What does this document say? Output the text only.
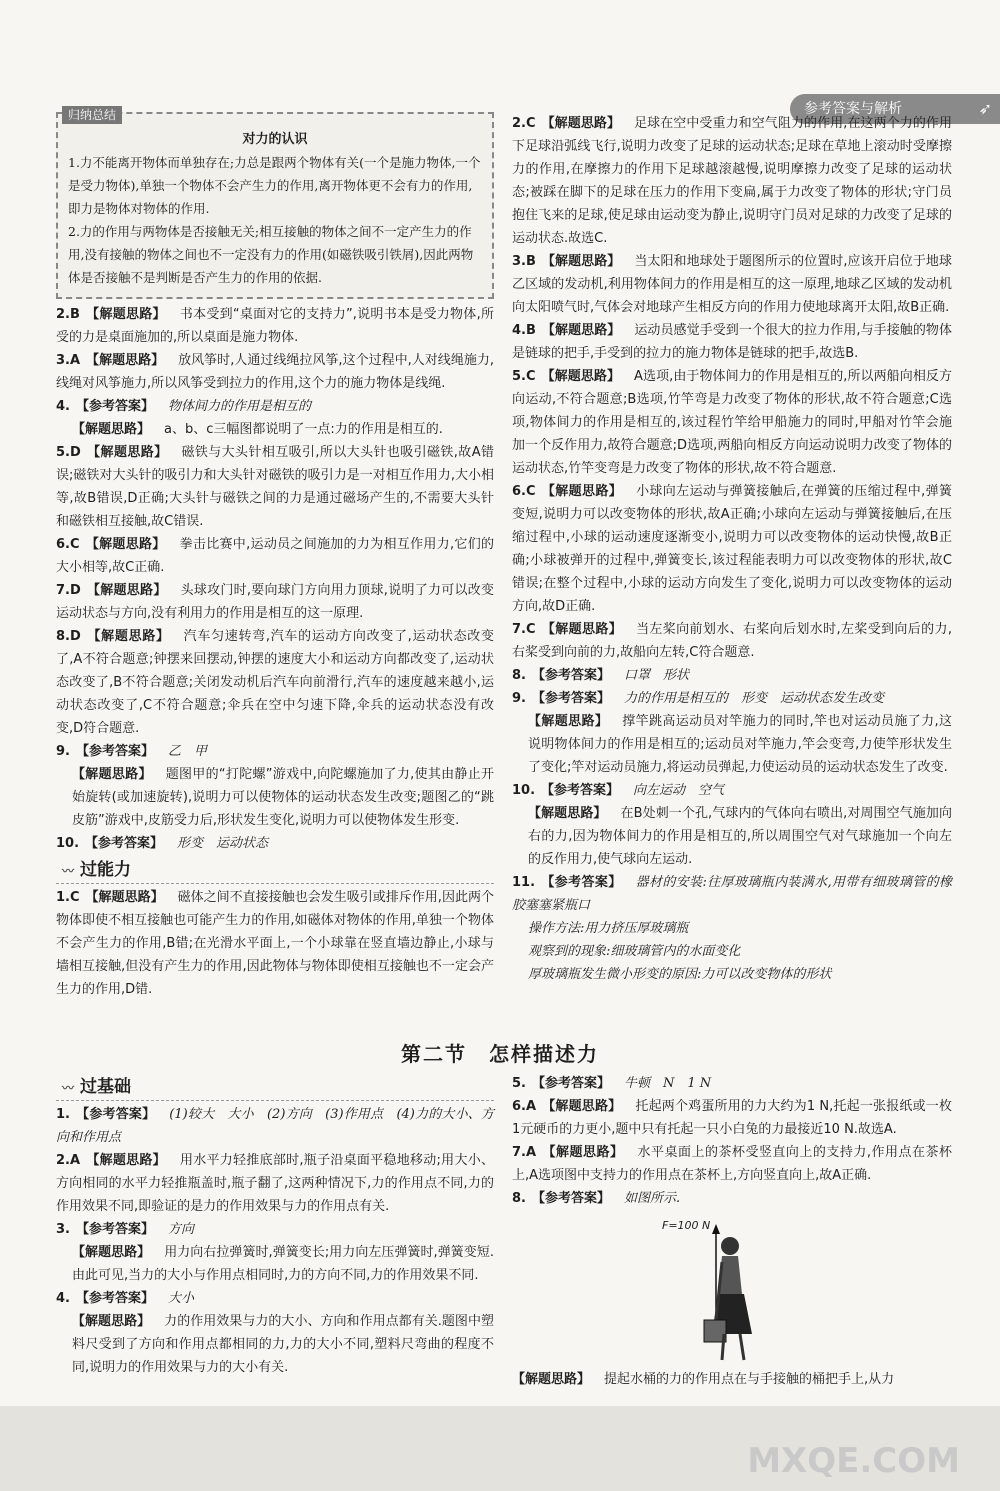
参考答案与解析	➶
归纳总结
对力的认识

1.力不能离开物体而单独存在;力总是跟两个物体有关(一个是施力物体,一个是受力物体),单独一个物体不会产生力的作用,离开物体更不会有力的作用,即力是物体对物体的作用.

2.力的作用与两物体是否接触无关;相互接触的物体之间不一定产生力的作用,没有接触的物体之间也不一定没有力的作用(如磁铁吸引铁屑),因此两物体是否接触不是判断是否产生力的作用的依据.

2.B 【解题思路】 书本受到“桌面对它的支持力”,说明书本是受力物体,所受的力是桌面施加的,所以桌面是施力物体.

3.A 【解题思路】 放风筝时,人通过线绳拉风筝,这个过程中,人对线绳施力,线绳对风筝施力,所以风筝受到拉力的作用,这个力的施力物体是线绳.

4. 【参考答案】 物体间力的作用是相互的

【解题思路】 a、b、c三幅图都说明了一点:力的作用是相互的.

5.D 【解题思路】 磁铁与大头针相互吸引,所以大头针也吸引磁铁,故A错误;磁铁对大头针的吸引力和大头针对磁铁的吸引力是一对相互作用力,大小相等,故B错误,D正确;大头针与磁铁之间的力是通过磁场产生的,不需要大头针和磁铁相互接触,故C错误.

6.C 【解题思路】 拳击比赛中,运动员之间施加的力为相互作用力,它们的大小相等,故C正确.

7.D 【解题思路】 头球攻门时,要向球门方向用力顶球,说明了力可以改变运动状态与方向,没有利用力的作用是相互的这一原理.

8.D 【解题思路】 汽车匀速转弯,汽车的运动方向改变了,运动状态改变了,A不符合题意;钟摆来回摆动,钟摆的速度大小和运动方向都改变了,运动状态改变了,B不符合题意;关闭发动机后汽车向前滑行,汽车的速度越来越小,运动状态改变了,C不符合题意;伞兵在空中匀速下降,伞兵的运动状态没有改变,D符合题意.

9. 【参考答案】 乙　甲

【解题思路】 题图甲的“打陀螺”游戏中,向陀螺施加了力,使其由静止开始旋转(或加速旋转),说明力可以使物体的运动状态发生改变;题图乙的“跳皮筋”游戏中,皮筋受力后,形状发生变化,说明力可以使物体发生形变.

10. 【参考答案】 形变　运动状态

〰 过能力

1.C 【解题思路】 磁体之间不直接接触也会发生吸引或排斥作用,因此两个物体即使不相互接触也可能产生力的作用,如磁体对物体的作用,单独一个物体不会产生力的作用,B错;在光滑水平面上,一个小球靠在竖直墙边静止,小球与墙相互接触,但没有产生力的作用,因此物体与物体即使相互接触也不一定会产生力的作用,D错.

2.C 【解题思路】 足球在空中受重力和空气阻力的作用,在这两个力的作用下足球沿弧线飞行,说明力改变了足球的运动状态;足球在草地上滚动时受摩擦力的作用,在摩擦力的作用下足球越滚越慢,说明摩擦力改变了足球的运动状态;被踩在脚下的足球在压力的作用下变扁,属于力改变了物体的形状;守门员抱住飞来的足球,使足球由运动变为静止,说明守门员对足球的力改变了足球的运动状态.故选C.

3.B 【解题思路】 当太阳和地球处于题图所示的位置时,应该开启位于地球乙区域的发动机,利用物体间力的作用是相互的这一原理,地球乙区域的发动机向太阳喷气时,气体会对地球产生相反方向的作用力使地球离开太阳,故B正确.

4.B 【解题思路】 运动员感觉手受到一个很大的拉力作用,与手接触的物体是链球的把手,手受到的拉力的施力物体是链球的把手,故选B.

5.C 【解题思路】 A选项,由于物体间力的作用是相互的,所以两船向相反方向运动,不符合题意;B选项,竹竿弯是力改变了物体的形状,故不符合题意;C选项,物体间力的作用是相互的,该过程竹竿给甲船施力的同时,甲船对竹竿会施加一个反作用力,故符合题意;D选项,两船向相反方向运动说明力改变了物体的运动状态,竹竿变弯是力改变了物体的形状,故不符合题意.

6.C 【解题思路】 小球向左运动与弹簧接触后,在弹簧的压缩过程中,弹簧变短,说明力可以改变物体的形状,故A正确;小球向左运动与弹簧接触后,在压缩过程中,小球的运动速度逐渐变小,说明力可以改变物体的运动快慢,故B正确;小球被弹开的过程中,弹簧变长,该过程能表明力可以改变物体的形状,故C错误;在整个过程中,小球的运动方向发生了变化,说明力可以改变物体的运动方向,故D正确.

7.C 【解题思路】 当左桨向前划水、右桨向后划水时,左桨受到向后的力,右桨受到向前的力,故船向左转,C符合题意.

8. 【参考答案】 口罩　形状

9. 【参考答案】 力的作用是相互的　形变　运动状态发生改变

【解题思路】 撑竿跳高运动员对竿施力的同时,竿也对运动员施了力,这说明物体间力的作用是相互的;运动员对竿施力,竿会变弯,力使竿形状发生了变化;竿对运动员施力,将运动员弹起,力使运动员的运动状态发生了改变.

10. 【参考答案】 向左运动　空气

【解题思路】 在B处刺一个孔,气球内的气体向右喷出,对周围空气施加向右的力,因为物体间力的作用是相互的,所以周围空气对气球施加一个向左的反作用力,使气球向左运动.

11. 【参考答案】 器材的安装:往厚玻璃瓶内装满水,用带有细玻璃管的橡胶塞塞紧瓶口

操作方法:用力挤压厚玻璃瓶

观察到的现象:细玻璃管内的水面变化

厚玻璃瓶发生微小形变的原因:力可以改变物体的形状

第二节　怎样描述力
〰 过基础

1. 【参考答案】 (1)较大　大小　(2)方向　(3)作用点　(4)力的大小、方向和作用点

2.A 【解题思路】 用水平力轻推底部时,瓶子沿桌面平稳地移动;用大小、方向相同的水平力轻推瓶盖时,瓶子翻了,这两种情况下,力的作用点不同,力的作用效果不同,即验证的是力的作用效果与力的作用点有关.

3. 【参考答案】 方向

【解题思路】 用力向右拉弹簧时,弹簧变长;用力向左压弹簧时,弹簧变短.由此可见,当力的大小与作用点相同时,力的方向不同,力的作用效果不同.

4. 【参考答案】 大小

【解题思路】 力的作用效果与力的大小、方向和作用点都有关.题图中塑料尺受到了方向和作用点都相同的力,力的大小不同,塑料尺弯曲的程度不同,说明力的作用效果与力的大小有关.

5. 【参考答案】 牛顿　N　1 N

6.A 【解题思路】 托起两个鸡蛋所用的力大约为1 N,托起一张报纸或一枚1元硬币的力更小,题中只有托起一只小白兔的力最接近10 N.故选A.

7.A 【解题思路】 水平桌面上的茶杯受竖直向上的支持力,作用点在茶杯上,A选项图中支持力的作用点在茶杯上,方向竖直向上,故A正确.

8. 【参考答案】 如图所示.

F=100 N

【解题思路】 提起水桶的力的作用点在与手接触的桶把手上,从力

MXQE.COM
